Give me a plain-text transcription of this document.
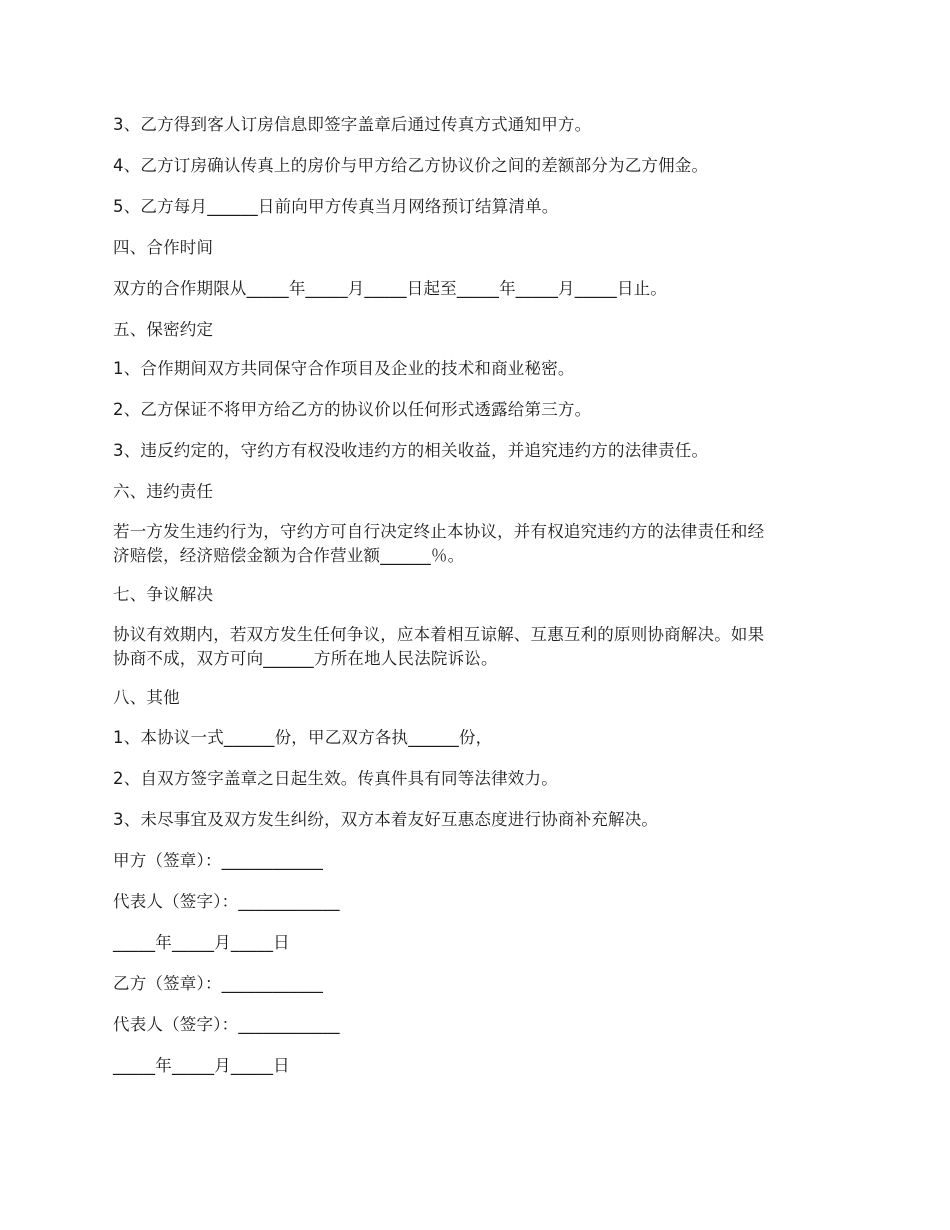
3、乙方得到客人订房信息即签字盖章后通过传真方式通知甲方。
4、乙方订房确认传真上的房价与甲方给乙方协议价之间的差额部分为乙方佣金。
5、乙方每月______日前向甲方传真当月网络预订结算清单。
四、合作时间
双方的合作期限从_____年_____月_____日起至_____年_____月_____日止。
五、保密约定
1、合作期间双方共同保守合作项目及企业的技术和商业秘密。
2、乙方保证不将甲方给乙方的协议价以任何形式透露给第三方。
3、违反约定的，守约方有权没收违约方的相关收益，并追究违约方的法律责任。
六、违约责任
若一方发生违约行为，守约方可自行决定终止本协议，并有权追究违约方的法律责任和经
济赔偿，经济赔偿金额为合作营业额______％。
七、争议解决
协议有效期内，若双方发生任何争议，应本着相互谅解、互惠互利的原则协商解决。如果
协商不成，双方可向______方所在地人民法院诉讼。
八、其他
1、本协议一式______份，甲乙双方各执______份，
2、自双方签字盖章之日起生效。传真件具有同等法律效力。
3、未尽事宜及双方发生纠纷，双方本着友好互惠态度进行协商补充解决。
甲方（签章）：____________
代表人（签字）：____________
_____年_____月_____日
乙方（签章）：____________
代表人（签字）：____________
_____年_____月_____日
